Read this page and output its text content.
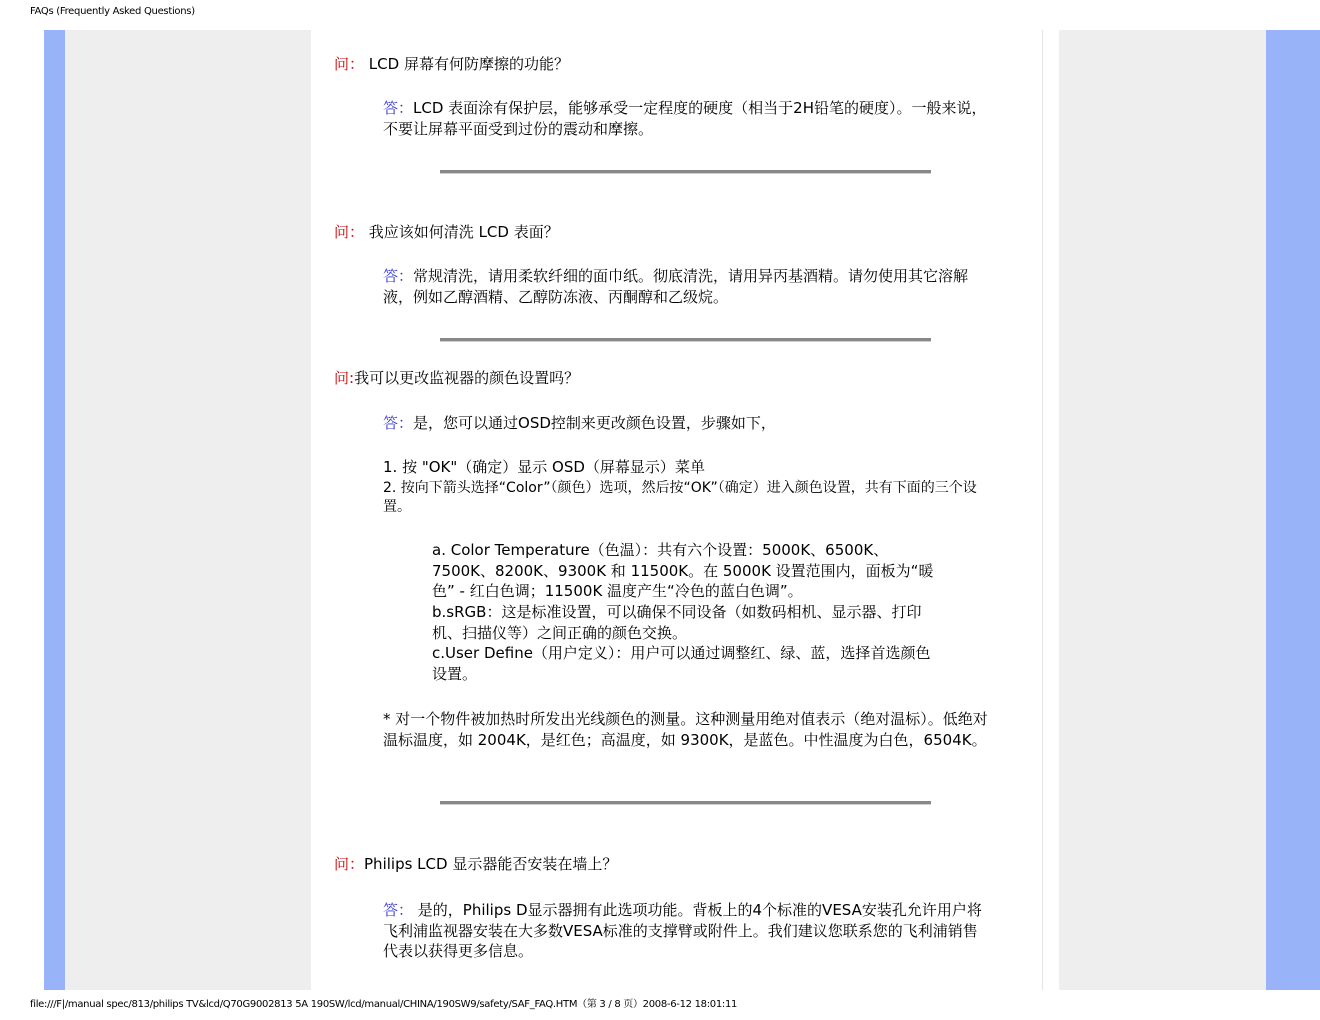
FAQs (Frequently Asked Questions)
问： LCD 屏幕有何防摩擦的功能？
答：LCD 表面涂有保护层，能够承受一定程度的硬度（相当于2H铅笔的硬度）。一般来说，不要让屏幕平面受到过份的震动和摩擦。
问： 我应该如何清洗 LCD 表面？
答：常规清洗，请用柔软纤细的面巾纸。彻底清洗，请用异丙基酒精。请勿使用其它溶解液，例如乙醇酒精、乙醇防冻液、丙酮醇和乙级烷。
问:我可以更改监视器的颜色设置吗？
答：是，您可以通过OSD控制来更改颜色设置，步骤如下，
1. 按 "OK"（确定）显示 OSD（屏幕显示）菜单
2. 按向下箭头选择“Color”（颜色）选项，然后按“OK”（确定）进入颜色设置，共有下面的三个设置。
a. Color Temperature（色温）：共有六个设置：5000K、6500K、7500K、8200K、9300K 和 11500K。在 5000K 设置范围内，面板为“暖色” - 红白色调；11500K 温度产生“冷色的蓝白色调”。
b.sRGB：这是标准设置，可以确保不同设备（如数码相机、显示器、打印机、扫描仪等）之间正确的颜色交换。
c.User Define（用户定义）：用户可以通过调整红、绿、蓝，选择首选颜色设置。
* 对一个物件被加热时所发出光线颜色的测量。这种测量用绝对值表示（绝对温标）。低绝对温标温度，如 2004K，是红色；高温度，如 9300K，是蓝色。中性温度为白色，6504K。
问：Philips LCD 显示器能否安装在墙上？
答： 是的，Philips D显示器拥有此选项功能。背板上的4个标准的VESA安装孔允许用户将飞利浦监视器安装在大多数VESA标准的支撑臂或附件上。我们建议您联系您的飞利浦销售代表以获得更多信息。
file:///F|/manual spec/813/philips TV&lcd/Q70G9002813 5A 190SW/lcd/manual/CHINA/190SW9/safety/SAF_FAQ.HTM（第 3 / 8 页）2008-6-12 18:01:11
